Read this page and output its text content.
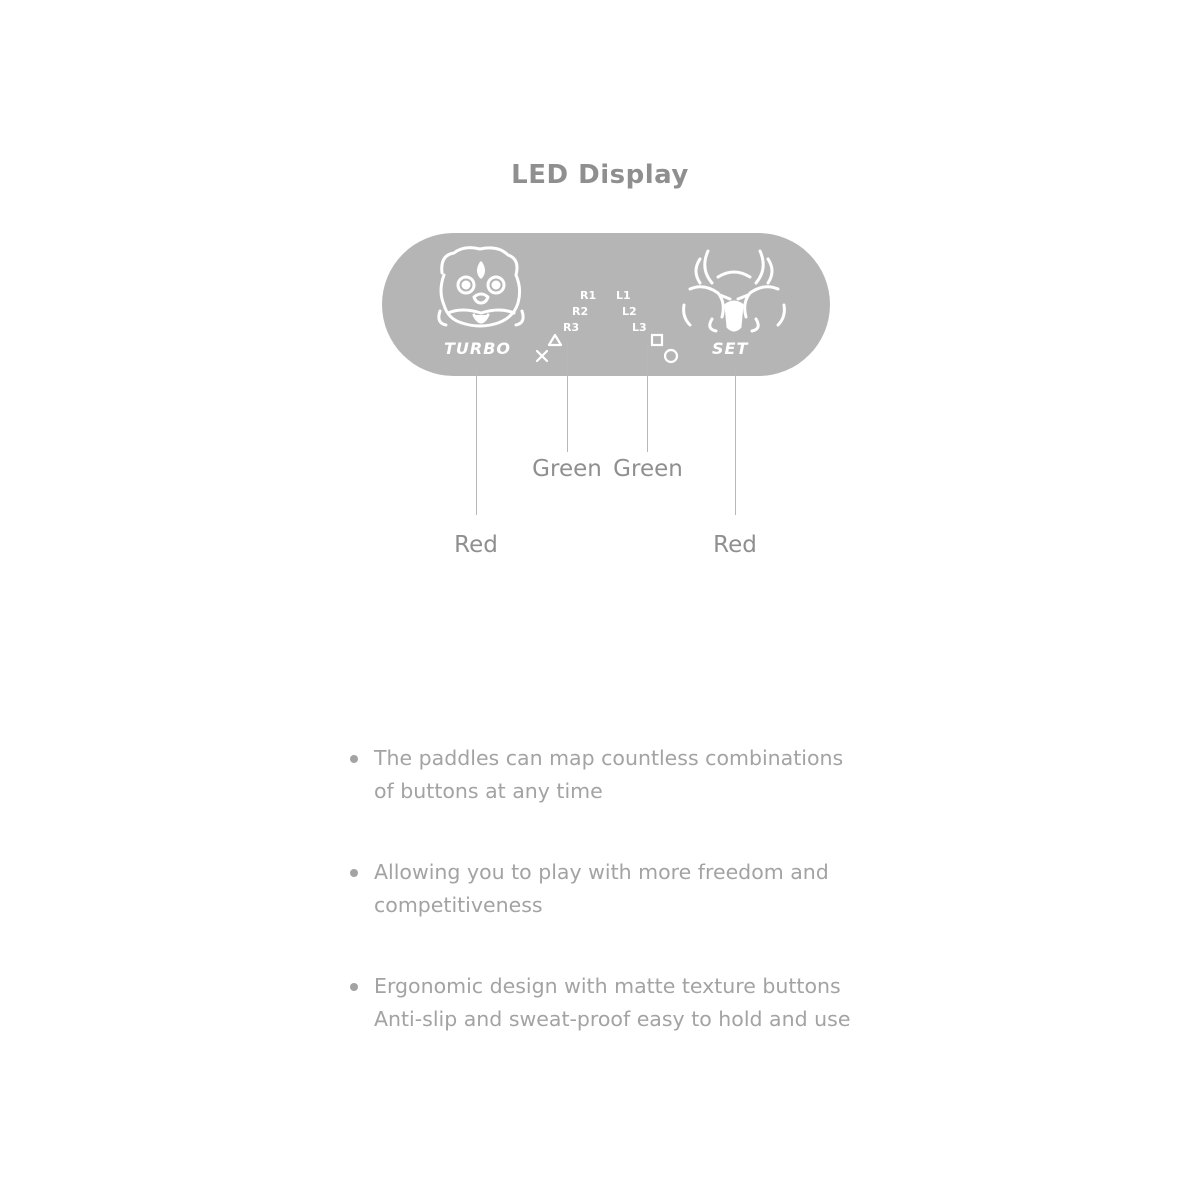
LED Display
TURBO	SET
R1
R2
R3
L1
L2
L3
Red
Green Green
Red
The paddles can map countless combinations
of buttons at any time
Allowing you to play with more freedom and
competitiveness
Ergonomic design with matte texture buttons
Anti-slip and sweat-proof easy to hold and use
